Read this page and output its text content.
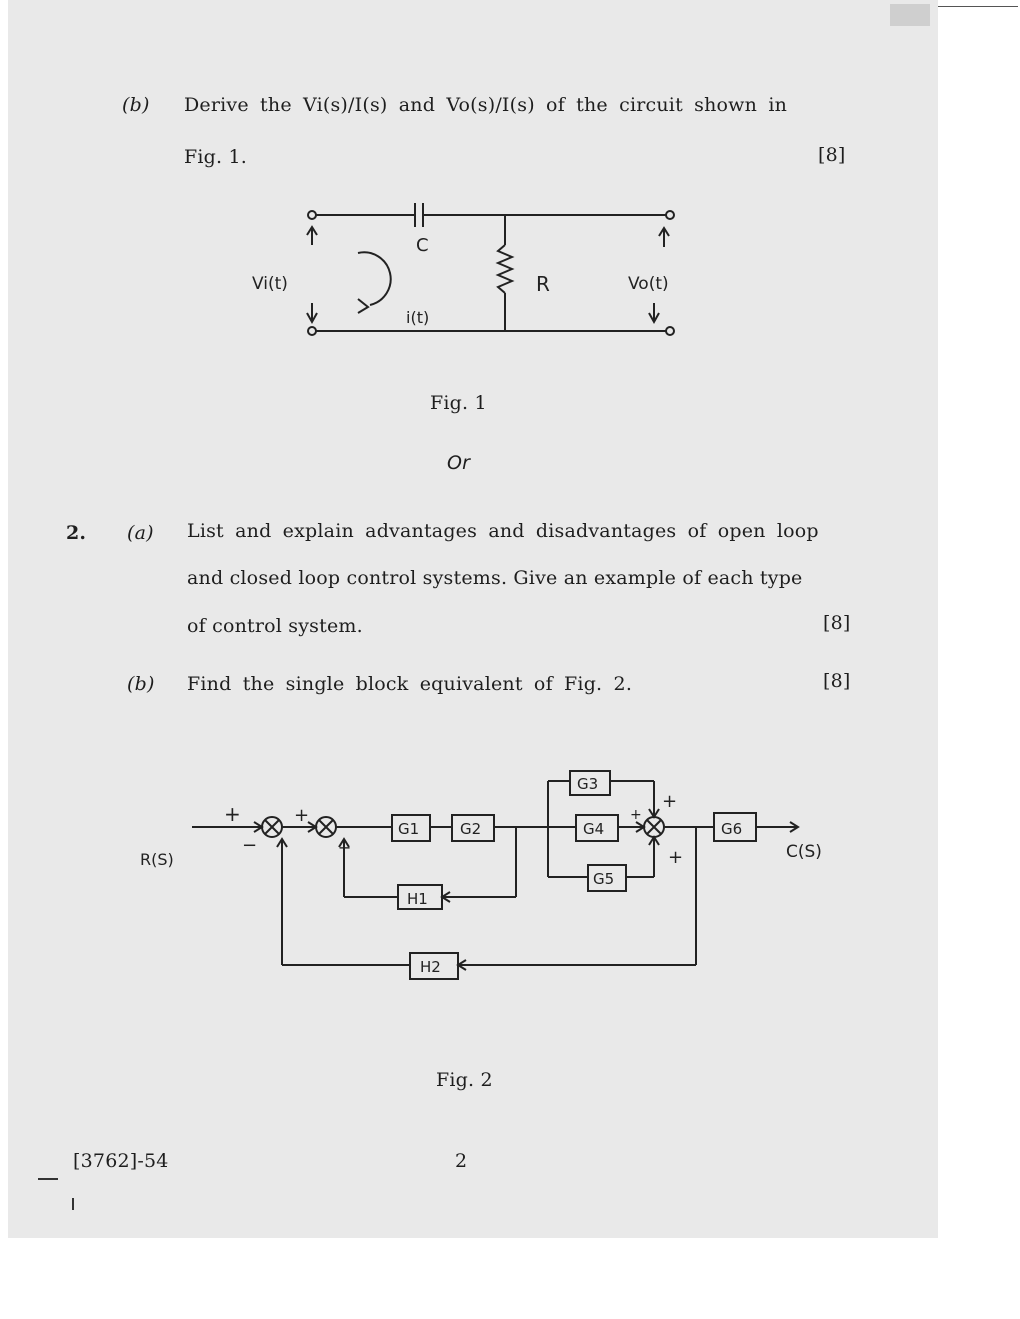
(b) Derive the Vi(s)/I(s) and Vo(s)/I(s) of the circuit shown in
Fig. 1.	[8]
C
R
Vi(t)	Vo(t)
i(t)
Fig. 1
Or
2. (a) List and explain advantages and disadvantages of open loop
and closed loop control systems. Give an example of each type
of control system.	[8]
(b) Find the single block equivalent of Fig. 2.	[8]
R(S)	C(S)
G1	G2
G3
G4
G5
G6
H1
H2
+
−
+
−
+
+
+
Fig. 2
[3762]-54	2
